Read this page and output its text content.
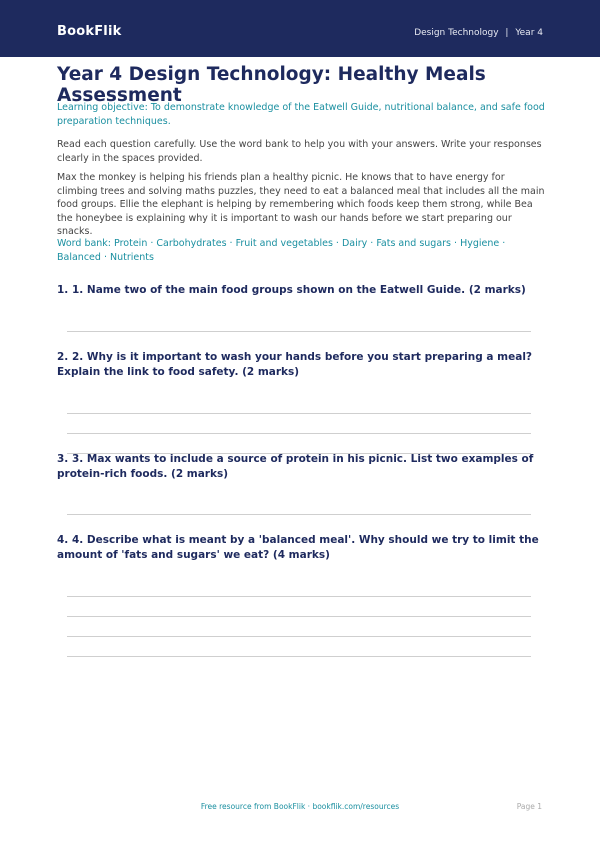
BookFlik	Design Technology | Year 4
Year 4 Design Technology: Healthy Meals Assessment
Learning objective: To demonstrate knowledge of the Eatwell Guide, nutritional balance, and safe food preparation techniques.
Read each question carefully. Use the word bank to help you with your answers. Write your responses clearly in the spaces provided.
Max the monkey is helping his friends plan a healthy picnic. He knows that to have energy for climbing trees and solving maths puzzles, they need to eat a balanced meal that includes all the main food groups. Ellie the elephant is helping by remembering which foods keep them strong, while Bea the honeybee is explaining why it is important to wash our hands before we start preparing our snacks.
Word bank: Protein · Carbohydrates · Fruit and vegetables · Dairy · Fats and sugars · Hygiene · Balanced · Nutrients
1. 1. Name two of the main food groups shown on the Eatwell Guide. (2 marks)
2. 2. Why is it important to wash your hands before you start preparing a meal? Explain the link to food safety. (2 marks)
3. 3. Max wants to include a source of protein in his picnic. List two examples of protein-rich foods. (2 marks)
4. 4. Describe what is meant by a 'balanced meal'. Why should we try to limit the amount of 'fats and sugars' we eat? (4 marks)
Free resource from BookFlik · bookflik.com/resources	Page 1
